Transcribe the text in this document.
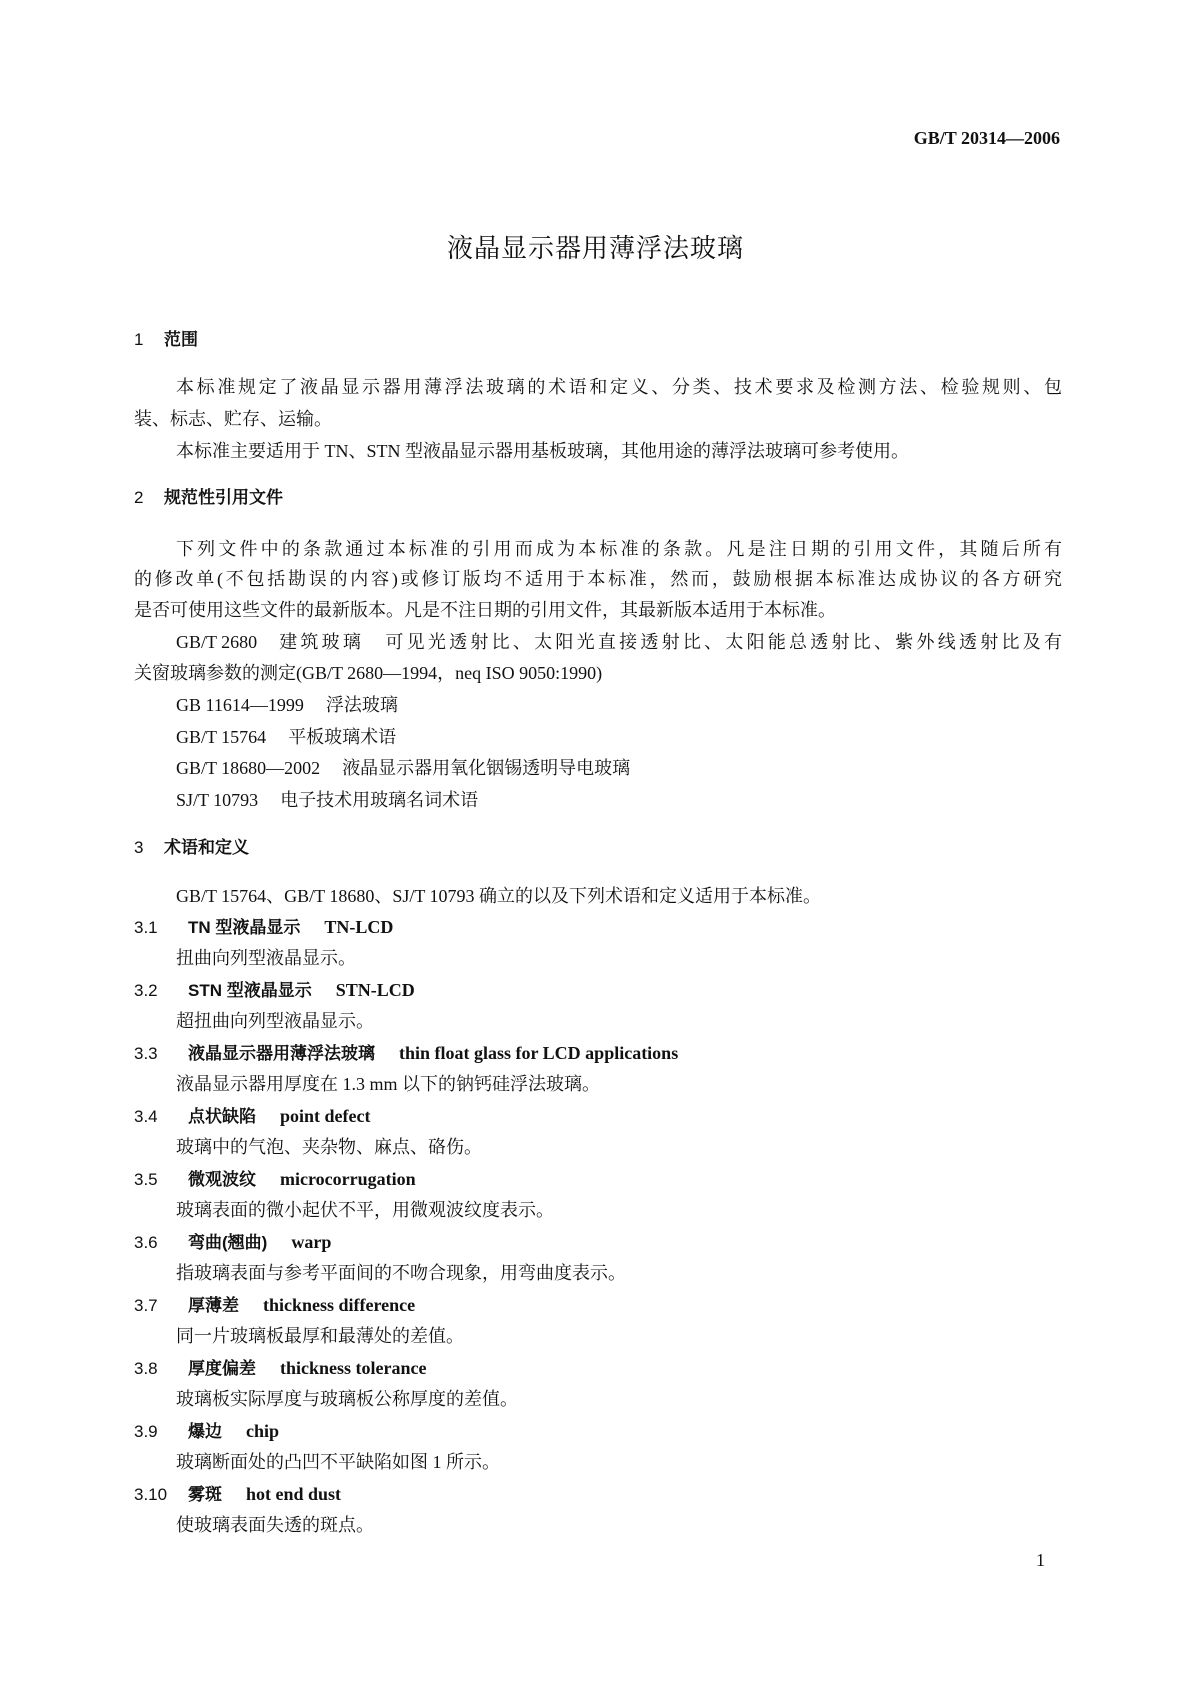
GB/T 20314—2006
液晶显示器用薄浮法玻璃
1 范围
本标准规定了液晶显示器用薄浮法玻璃的术语和定义、分类、技术要求及检测方法、检验规则、包
装、标志、贮存、运输。
本标准主要适用于 TN、STN 型液晶显示器用基板玻璃，其他用途的薄浮法玻璃可参考使用。
2 规范性引用文件
下列文件中的条款通过本标准的引用而成为本标准的条款。凡是注日期的引用文件，其随后所有
的修改单(不包括勘误的内容)或修订版均不适用于本标准，然而，鼓励根据本标准达成协议的各方研究
是否可使用这些文件的最新版本。凡是不注日期的引用文件，其最新版本适用于本标准。
GB/T 2680 建筑玻璃　可见光透射比、太阳光直接透射比、太阳能总透射比、紫外线透射比及有
关窗玻璃参数的测定(GB/T 2680—1994，neq ISO 9050:1990)
GB 11614—1999 浮法玻璃
GB/T 15764 平板玻璃术语
GB/T 18680—2002 液晶显示器用氧化铟锡透明导电玻璃
SJ/T 10793 电子技术用玻璃名词术语
3 术语和定义
GB/T 15764、GB/T 18680、SJ/T 10793 确立的以及下列术语和定义适用于本标准。
3.1 TN 型液晶显示 TN-LCD
扭曲向列型液晶显示。
3.2 STN 型液晶显示 STN-LCD
超扭曲向列型液晶显示。
3.3 液晶显示器用薄浮法玻璃 thin float glass for LCD applications
液晶显示器用厚度在 1.3 mm 以下的钠钙硅浮法玻璃。
3.4 点状缺陷 point defect
玻璃中的气泡、夹杂物、麻点、硌伤。
3.5 微观波纹 microcorrugation
玻璃表面的微小起伏不平，用微观波纹度表示。
3.6 弯曲(翘曲) warp
指玻璃表面与参考平面间的不吻合现象，用弯曲度表示。
3.7 厚薄差 thickness difference
同一片玻璃板最厚和最薄处的差值。
3.8 厚度偏差 thickness tolerance
玻璃板实际厚度与玻璃板公称厚度的差值。
3.9 爆边 chip
玻璃断面处的凸凹不平缺陷如图 1 所示。
3.10 雾斑 hot end dust
使玻璃表面失透的斑点。
1
